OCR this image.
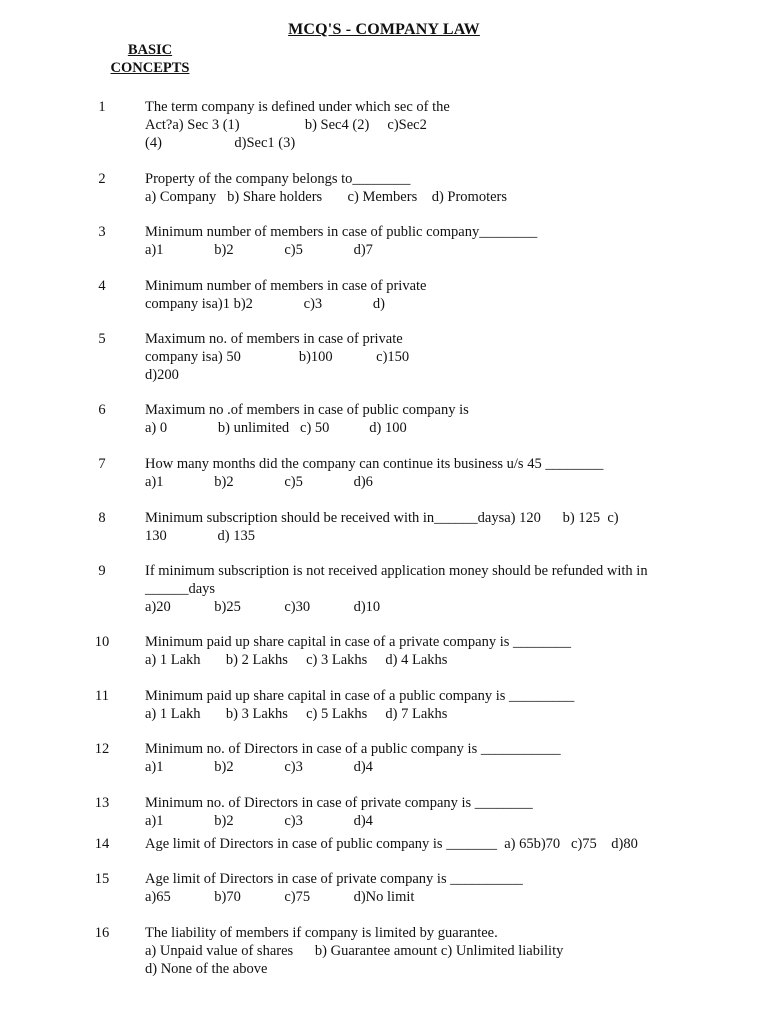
MCQ'S - COMPANY LAW
BASIC
CONCEPTS
1	The term company is defined under which sec of the
Act?a) Sec 3 (1)                  b) Sec4 (2)     c)Sec2
(4)                    d)Sec1 (3)
2	Property of the company belongs to________
a) Company   b) Share holders       c) Members    d) Promoters
3	Minimum number of members in case of public company________
a)1              b)2              c)5              d)7
4	Minimum number of members in case of private
company isa)1 b)2              c)3              d)
5	Maximum no. of members in case of private
company isa) 50                b)100            c)150
d)200
6	Maximum no .of members in case of public company is
a) 0              b) unlimited   c) 50           d) 100
7	How many months did the company can continue its business u/s 45 ________
a)1              b)2              c)5              d)6
8	Minimum subscription should be received with in______daysa) 120      b) 125  c)
130              d) 135
9	If minimum subscription is not received application money should be refunded with in
______days
a)20            b)25            c)30            d)10
10	Minimum paid up share capital in case of a private company is ________
a) 1 Lakh       b) 2 Lakhs     c) 3 Lakhs     d) 4 Lakhs
11	Minimum paid up share capital in case of a public company is _________
a) 1 Lakh       b) 3 Lakhs     c) 5 Lakhs     d) 7 Lakhs
12	Minimum no. of Directors in case of a public company is ___________
a)1              b)2              c)3              d)4
13	Minimum no. of Directors in case of private company is ________
a)1              b)2              c)3              d)4
14	Age limit of Directors in case of public company is _______  a) 65b)70   c)75    d)80
15	Age limit of Directors in case of private company is __________
a)65            b)70            c)75            d)No limit
16	The liability of members if company is limited by guarantee.
a) Unpaid value of shares      b) Guarantee amount c) Unlimited liability
d) None of the above
